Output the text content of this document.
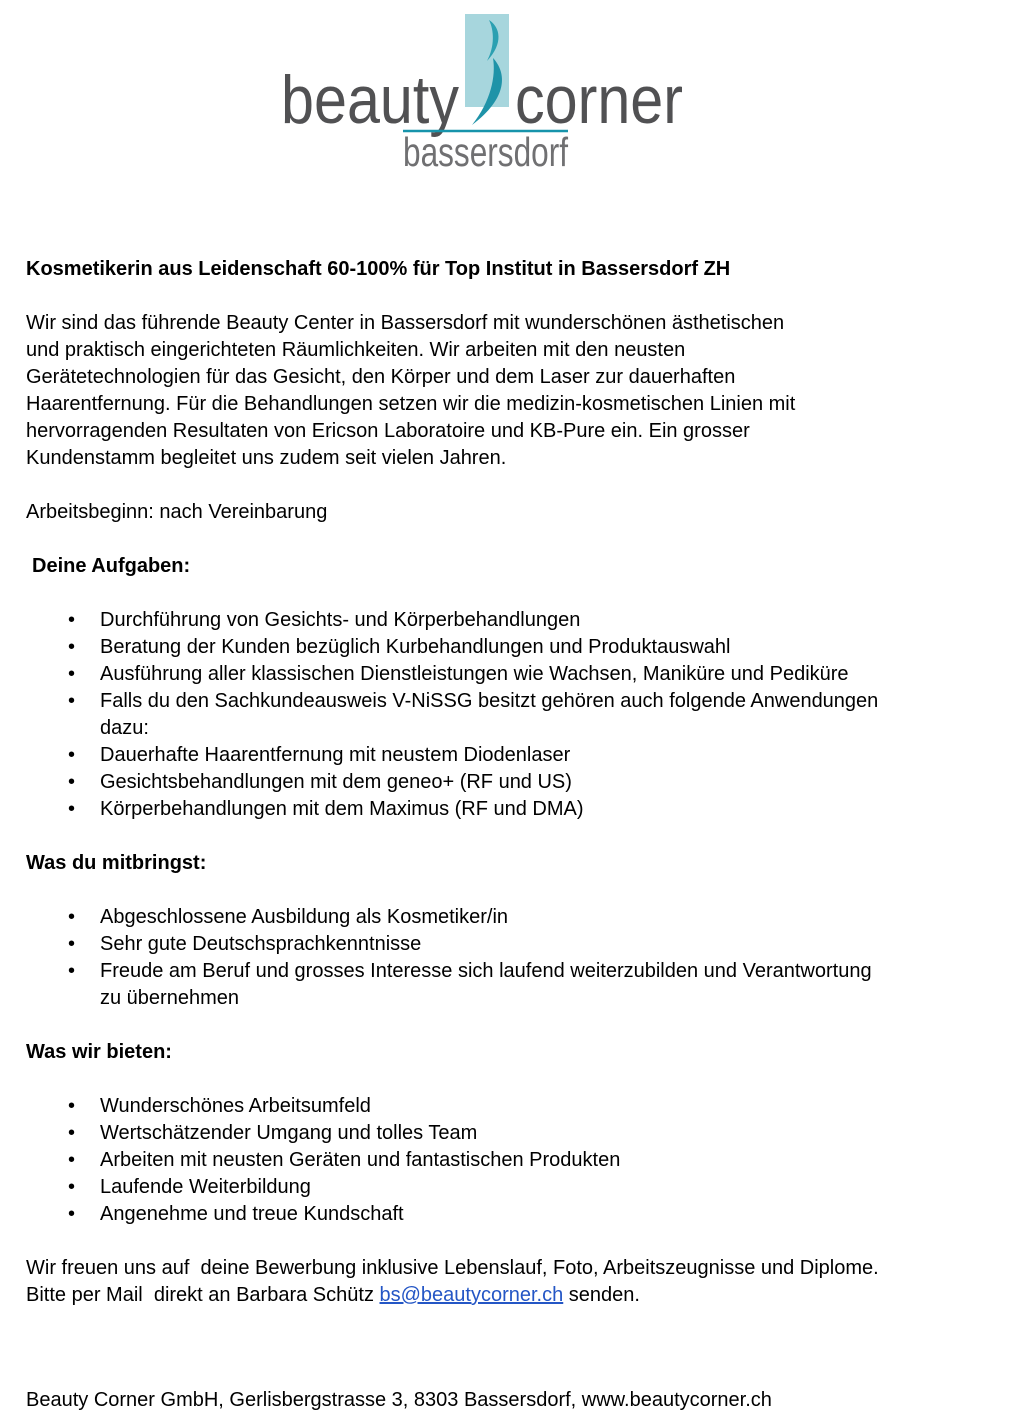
beauty corner
bassersdorf

Kosmetikerin aus Leidenschaft 60-100% für Top Institut in Bassersdorf ZH

Wir sind das führende Beauty Center in Bassersdorf mit wunderschönen ästhetischen
und praktisch eingerichteten Räumlichkeiten. Wir arbeiten mit den neusten
Gerätetechnologien für das Gesicht, den Körper und dem Laser zur dauerhaften
Haarentfernung. Für die Behandlungen setzen wir die medizin-kosmetischen Linien mit
hervorragenden Resultaten von Ericson Laboratoire und KB-Pure ein. Ein grosser
Kundenstamm begleitet uns zudem seit vielen Jahren.

Arbeitsbeginn: nach Vereinbarung

Deine Aufgaben:

• Durchführung von Gesichts- und Körperbehandlungen
• Beratung der Kunden bezüglich Kurbehandlungen und Produktauswahl
• Ausführung aller klassischen Dienstleistungen wie Wachsen, Maniküre und Pediküre
• Falls du den Sachkundeausweis V-NiSSG besitzt gehören auch folgende Anwendungen dazu:
• Dauerhafte Haarentfernung mit neustem Diodenlaser
• Gesichtsbehandlungen mit dem geneo+ (RF und US)
• Körperbehandlungen mit dem Maximus (RF und DMA)

Was du mitbringst:

• Abgeschlossene Ausbildung als Kosmetiker/in
• Sehr gute Deutschsprachkenntnisse
• Freude am Beruf und grosses Interesse sich laufend weiterzubilden und Verantwortung zu übernehmen

Was wir bieten:

• Wunderschönes Arbeitsumfeld
• Wertschätzender Umgang und tolles Team
• Arbeiten mit neusten Geräten und fantastischen Produkten
• Laufende Weiterbildung
• Angenehme und treue Kundschaft

Wir freuen uns auf  deine Bewerbung inklusive Lebenslauf, Foto, Arbeitszeugnisse und Diplome. Bitte per Mail  direkt an Barbara Schütz bs@beautycorner.ch senden.

Beauty Corner GmbH, Gerlisbergstrasse 3, 8303 Bassersdorf, www.beautycorner.ch
